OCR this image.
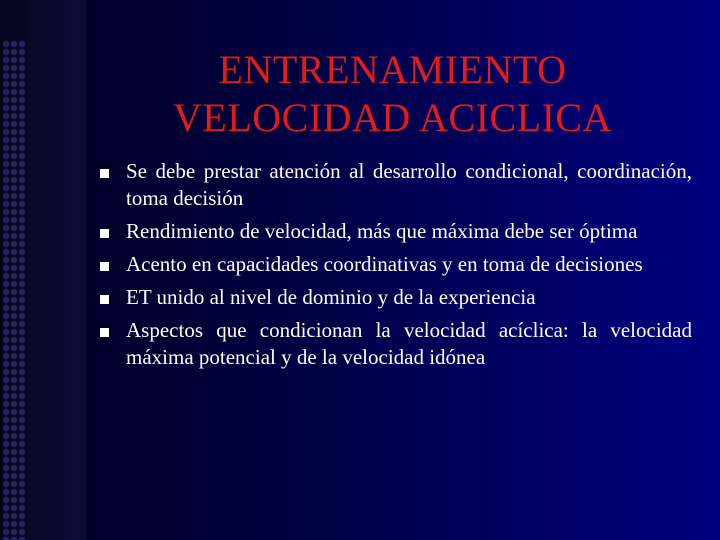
ENTRENAMIENTO
VELOCIDAD ACICLICA
Se debe prestar atención al desarrollo condicional, coordinación, toma decisión
Rendimiento de velocidad, más que máxima debe ser óptima
Acento en capacidades coordinativas y en toma de decisiones
ET unido al nivel de dominio y de la experiencia
Aspectos que condicionan la velocidad acíclica: la velocidad máxima potencial y de la velocidad idónea
